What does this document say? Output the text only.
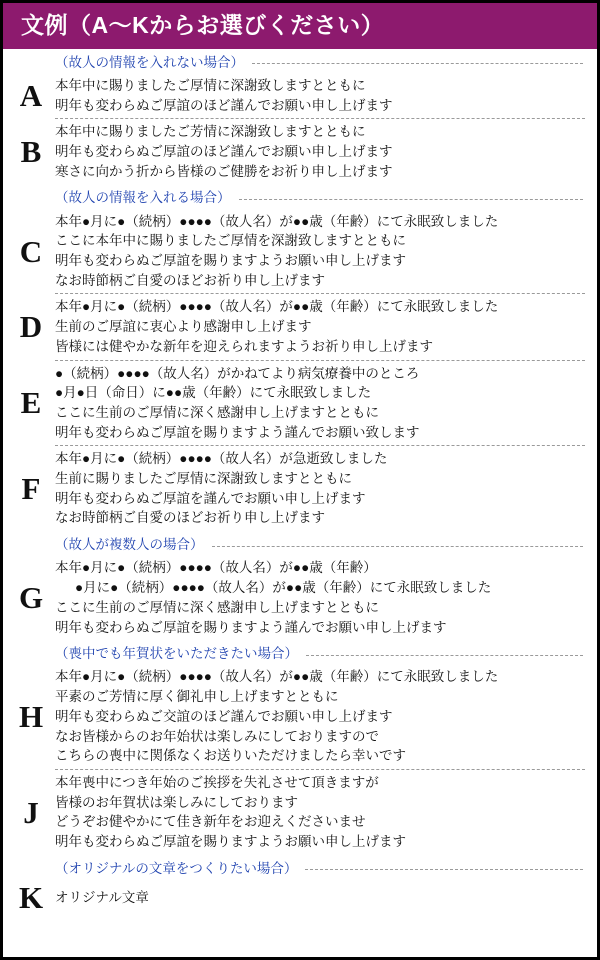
文例（A〜Kからお選びください）
（故人の情報を入れない場合）
A 本年中に賜りましたご厚情に深謝致しますとともに
明年も変わらぬご厚誼のほど謹んでお願い申し上げます
B
本年中に賜りましたご芳情に深謝致しますとともに
明年も変わらぬご厚誼のほど謹んでお願い申し上げます
寒さに向かう折から皆様のご健勝をお祈り申し上げます
（故人の情報を入れる場合）
C
本年●月に●（続柄）●●●●（故人名）が●●歳（年齢）にて永眠致しました
ここに本年中に賜りましたご厚情を深謝致しますとともに
明年も変わらぬご厚誼を賜りますようお願い申し上げます
なお時節柄ご自愛のほどお祈り申し上げます
D
本年●月に●（続柄）●●●●（故人名）が●●歳（年齢）にて永眠致しました
生前のご厚誼に衷心より感謝申し上げます
皆様には健やかな新年を迎えられますようお祈り申し上げます
E
●（続柄）●●●●（故人名）がかねてより病気療養中のところ
●月●日（命日）に●●歳（年齢）にて永眠致しました
ここに生前のご厚情に深く感謝申し上げますとともに
明年も変わらぬご厚誼を賜りますよう謹んでお願い致します
F
本年●月に●（続柄）●●●●（故人名）が急逝致しました
生前に賜りましたご厚情に深謝致しますとともに
明年も変わらぬご厚誼を謹んでお願い申し上げます
なお時節柄ご自愛のほどお祈り申し上げます
（故人が複数人の場合）
G
本年●月に●（続柄）●●●●（故人名）が●●歳（年齢）
●月に●（続柄）●●●●（故人名）が●●歳（年齢）にて永眠致しました
ここに生前のご厚情に深く感謝申し上げますとともに
明年も変わらぬご厚誼を賜りますよう謹んでお願い申し上げます
（喪中でも年賀状をいただきたい場合）
H
本年●月に●（続柄）●●●●（故人名）が●●歳（年齢）にて永眠致しました
平素のご芳情に厚く御礼申し上げますとともに
明年も変わらぬご交誼のほど謹んでお願い申し上げます
なお皆様からのお年始状は楽しみにしておりますので
こちらの喪中に関係なくお送りいただけましたら幸いです
J
本年喪中につき年始のご挨拶を失礼させて頂きますが
皆様のお年賀状は楽しみにしております
どうぞお健やかにて佳き新年をお迎えくださいませ
明年も変わらぬご厚誼を賜りますようお願い申し上げます
（オリジナルの文章をつくりたい場合）
K オリジナル文章
